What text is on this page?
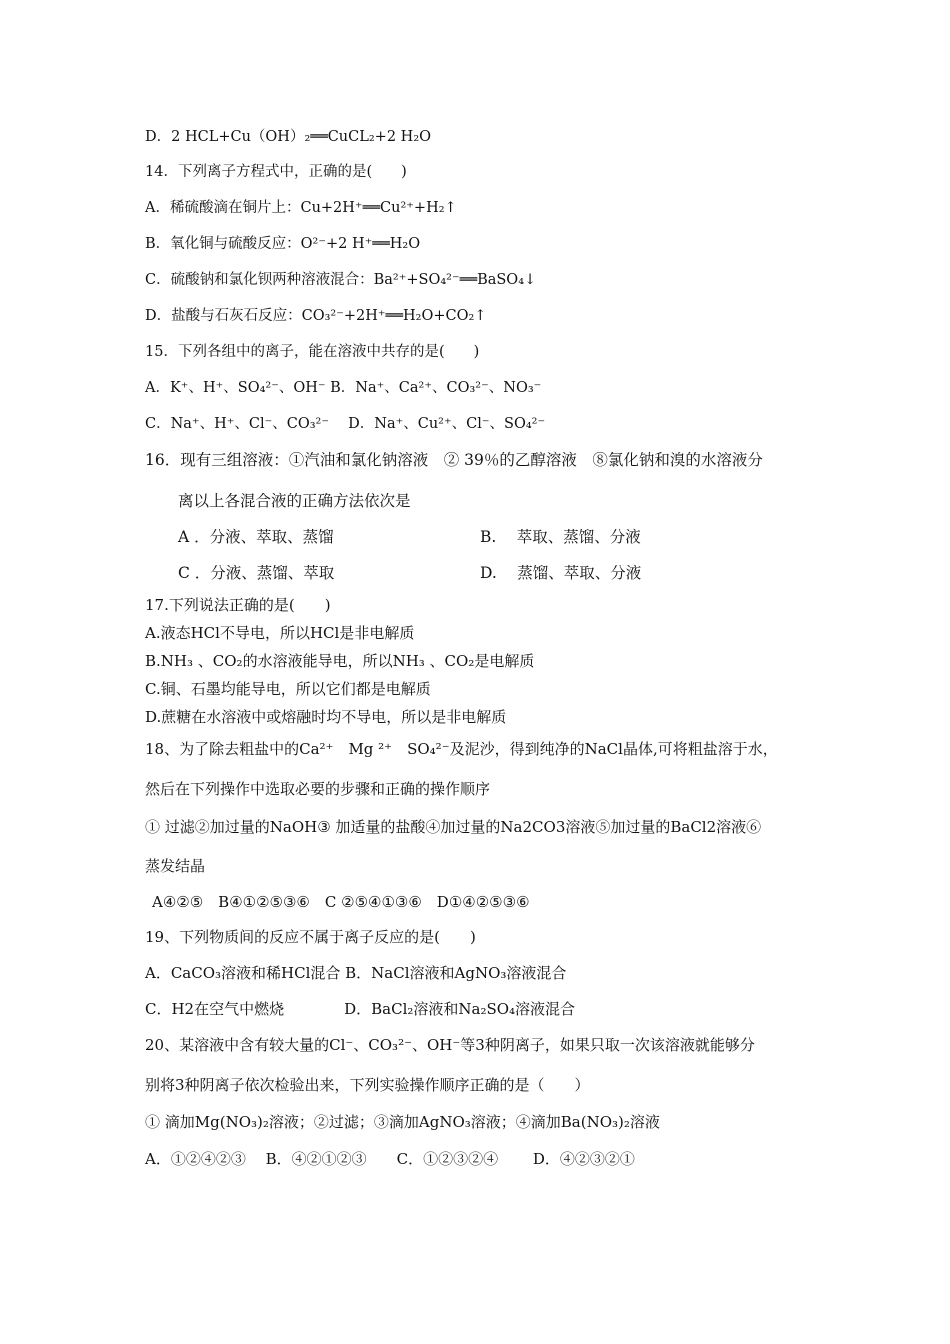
D．2 HCL+Cu（OH）₂══CuCL₂+2 H₂O
14．下列离子方程式中，正确的是(　　)
A．稀硫酸滴在铜片上：Cu+2H⁺══Cu²⁺+H₂↑
B．氧化铜与硫酸反应：O²⁻+2 H⁺══H₂O
C．硫酸钠和氯化钡两种溶液混合：Ba²⁺+SO₄²⁻══BaSO₄↓
D．盐酸与石灰石反应：CO₃²⁻+2H⁺══H₂O+CO₂↑
15．下列各组中的离子，能在溶液中共存的是(　　)
A．K⁺、H⁺、SO₄²⁻、OH⁻ B．Na⁺、Ca²⁺、CO₃²⁻、NO₃⁻
C．Na⁺、H⁺、Cl⁻、CO₃²⁻　 D．Na⁺、Cu²⁺、Cl⁻、SO₄²⁻
16．现有三组溶液：①汽油和氯化钠溶液　② 39％的乙醇溶液　⑧氯化钠和溴的水溶液分
离以上各混合液的正确方法依次是
A ．分液、萃取、蒸馏	B.　 萃取、蒸馏、分液
C ．分液、蒸馏、萃取	D.　 蒸馏、萃取、分液
17.下列说法正确的是(　　)
A.液态HCl不导电，所以HCl是非电解质
B.NH₃ 、CO₂的水溶液能导电，所以NH₃ 、CO₂是电解质
C.铜、石墨均能导电，所以它们都是电解质
D.蔗糖在水溶液中或熔融时均不导电，所以是非电解质
18、为了除去粗盐中的Ca²⁺　Mg ²⁺　SO₄²⁻及泥沙，得到纯净的NaCl晶体,可将粗盐溶于水，
然后在下列操作中选取必要的步骤和正确的操作顺序
① 过滤②加过量的NaOH③ 加适量的盐酸④加过量的Na2CO3溶液⑤加过量的BaCl2溶液⑥
蒸发结晶
A④②⑤　B④①②⑤③⑥　C ②⑤④①③⑥　D①④②⑤③⑥
19、下列物质间的反应不属于离子反应的是(　　)
A．CaCO₃溶液和稀HCl混合 B．NaCl溶液和AgNO₃溶液混合
C．H2在空气中燃烧　　　　D．BaCl₂溶液和Na₂SO₄溶液混合
20、某溶液中含有较大量的Cl⁻、CO₃²⁻、OH⁻等3种阴离子，如果只取一次该溶液就能够分
别将3种阴离子依次检验出来，下列实验操作顺序正确的是（　　）
① 滴加Mg(NO₃)₂溶液；②过滤；③滴加AgNO₃溶液；④滴加Ba(NO₃)₂溶液
A．①②④②③　 B．④②①②③　　C．①②③②④　　 D．④②③②①
